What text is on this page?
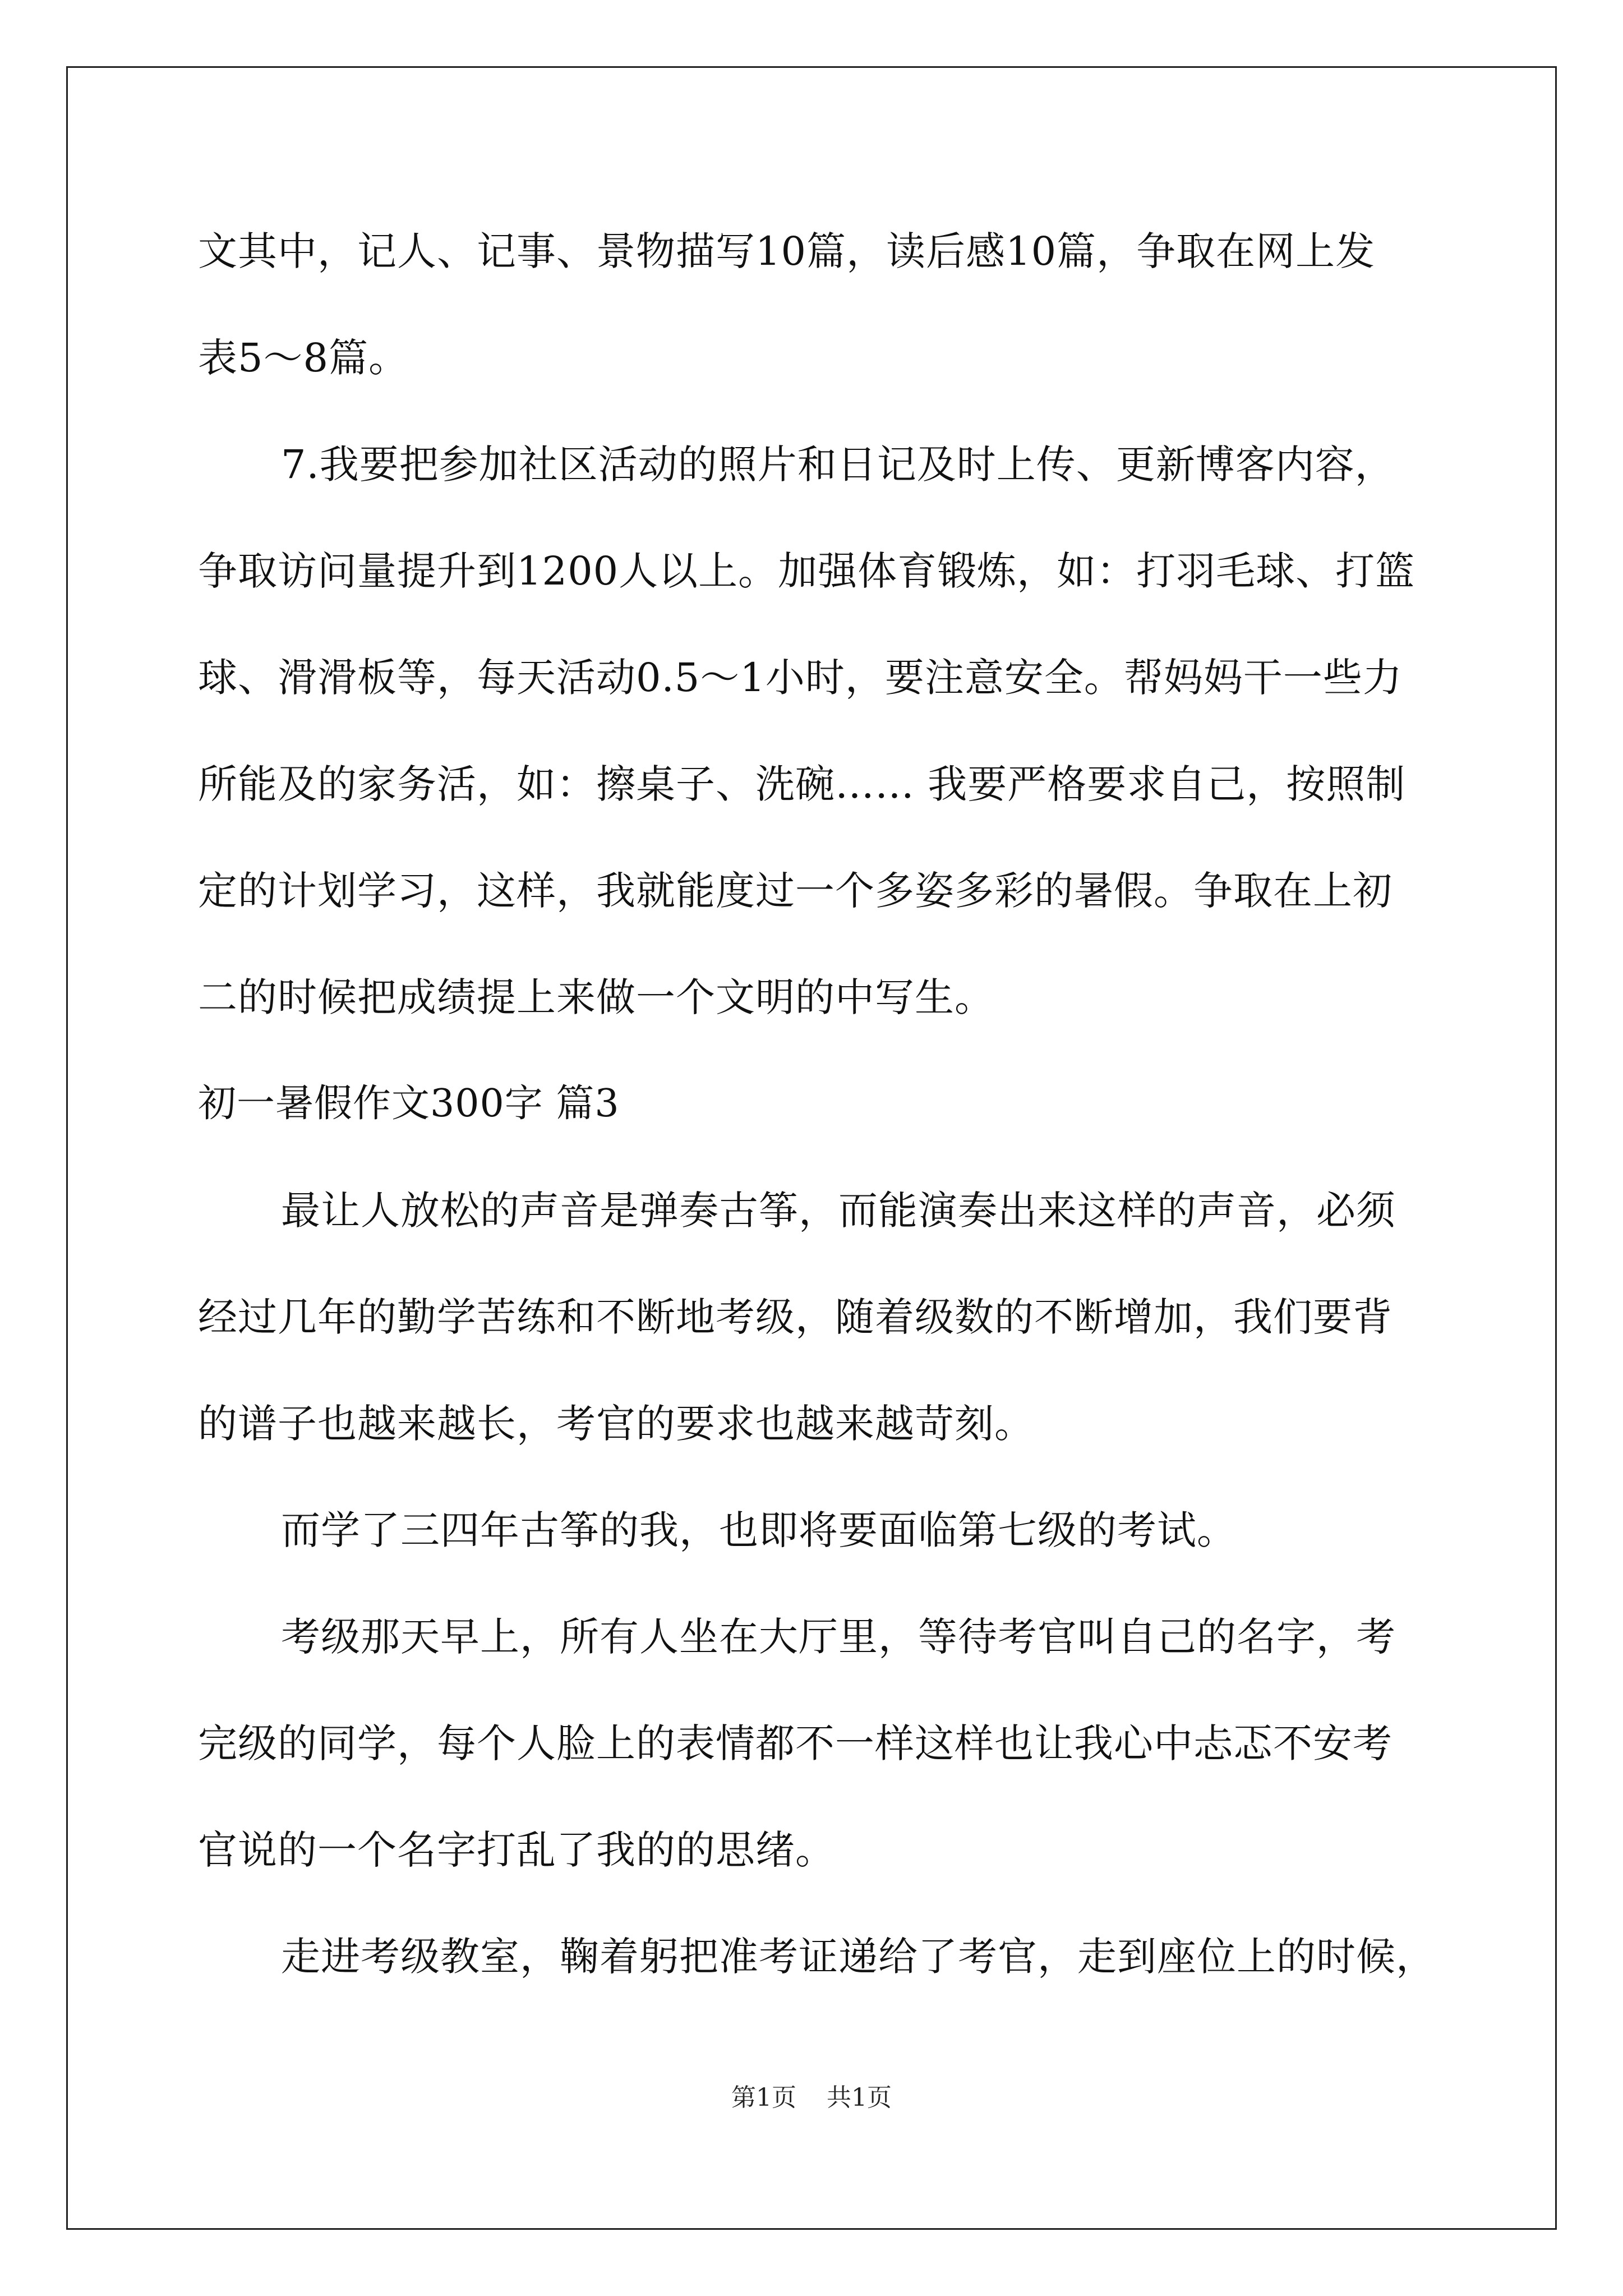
文其中，记人、记事、景物描写10篇，读后感10篇，争取在网上发
表5～8篇。
7.我要把参加社区活动的照片和日记及时上传、更新博客内容，
争取访问量提升到1200人以上。加强体育锻炼，如：打羽毛球、打篮
球、滑滑板等，每天活动0.5～1小时，要注意安全。帮妈妈干一些力
所能及的家务活，如：擦桌子、洗碗…… 我要严格要求自己，按照制
定的计划学习，这样，我就能度过一个多姿多彩的暑假。争取在上初
二的时候把成绩提上来做一个文明的中写生。
初一暑假作文300字 篇3
最让人放松的声音是弹奏古筝，而能演奏出来这样的声音，必须
经过几年的勤学苦练和不断地考级，随着级数的不断增加，我们要背
的谱子也越来越长，考官的要求也越来越苛刻。
而学了三四年古筝的我，也即将要面临第七级的考试。
考级那天早上，所有人坐在大厅里，等待考官叫自己的名字，考
完级的同学，每个人脸上的表情都不一样这样也让我心中忐忑不安考
官说的一个名字打乱了我的的思绪。
走进考级教室，鞠着躬把准考证递给了考官，走到座位上的时候，
第1页 共1页
